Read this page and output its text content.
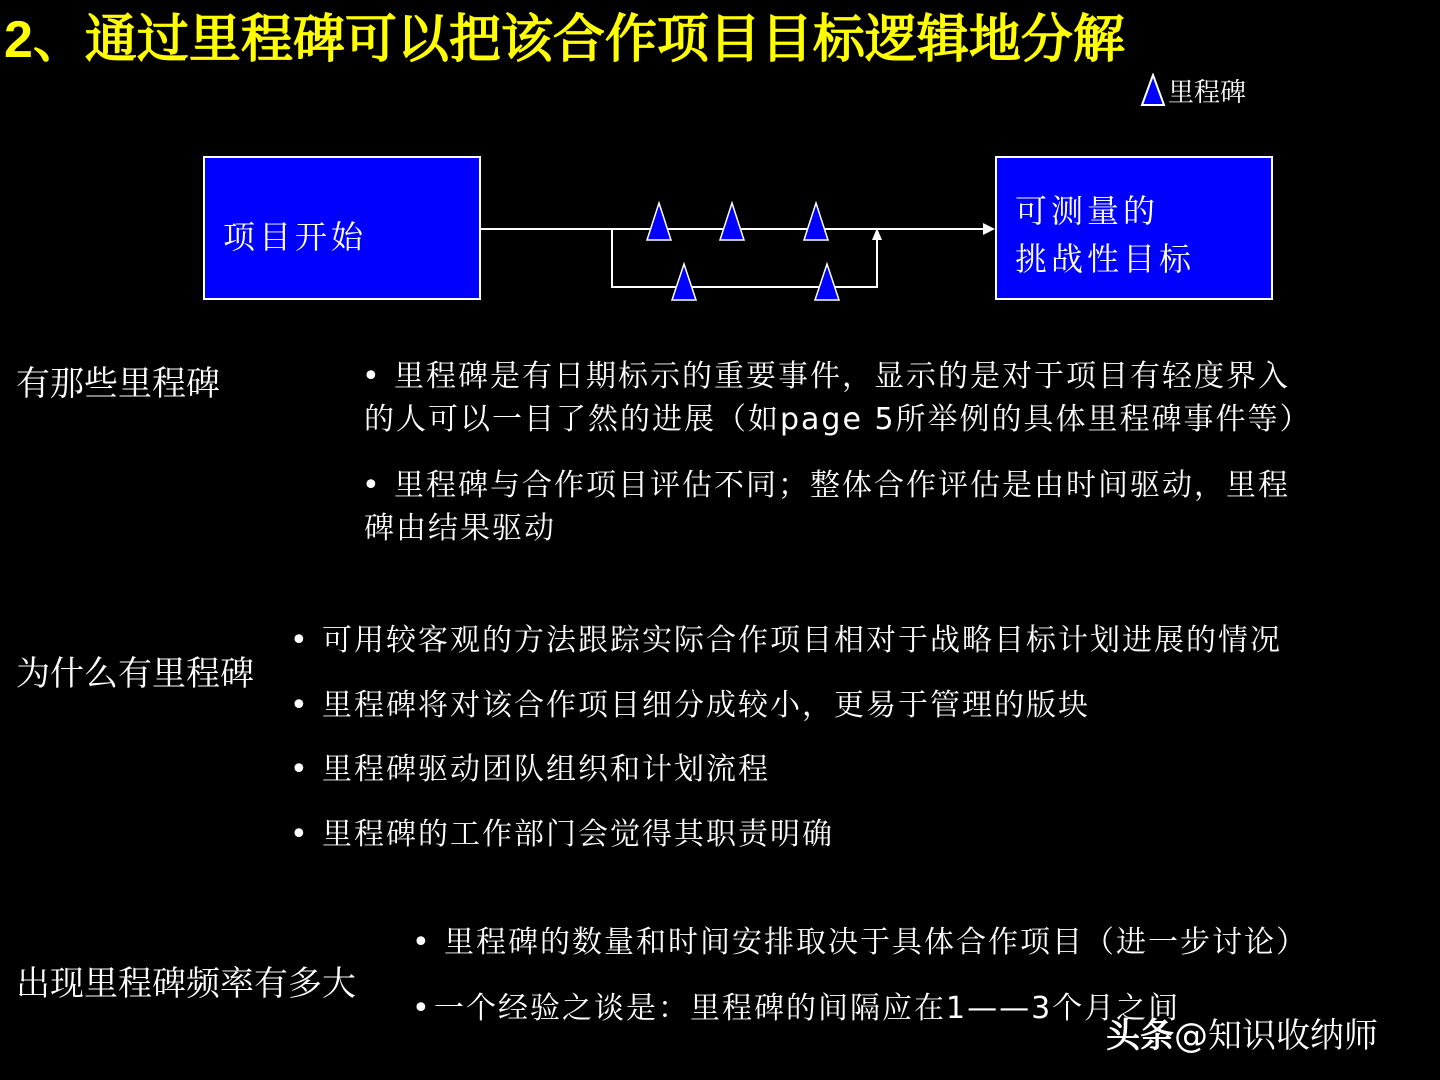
2、通过里程碑可以把该合作项目目标逻辑地分解
里程碑
项目开始
可测量的
挑战性目标
有那些里程碑	• 里程碑是有日期标示的重要事件，显示的是对于项目有轻度界入
的人可以一目了然的进展（如page 5所举例的具体里程碑事件等）
• 里程碑与合作项目评估不同；整体合作评估是由时间驱动，里程
碑由结果驱动
为什么有里程碑
• 可用较客观的方法跟踪实际合作项目相对于战略目标计划进展的情况
• 里程碑将对该合作项目细分成较小，更易于管理的版块
• 里程碑驱动团队组织和计划流程
• 里程碑的工作部门会觉得其职责明确
出现里程碑频率有多大
• 里程碑的数量和时间安排取决于具体合作项目（进一步讨论）
•一个经验之谈是：里程碑的间隔应在1——3个月之间
头条@知识收纳师
